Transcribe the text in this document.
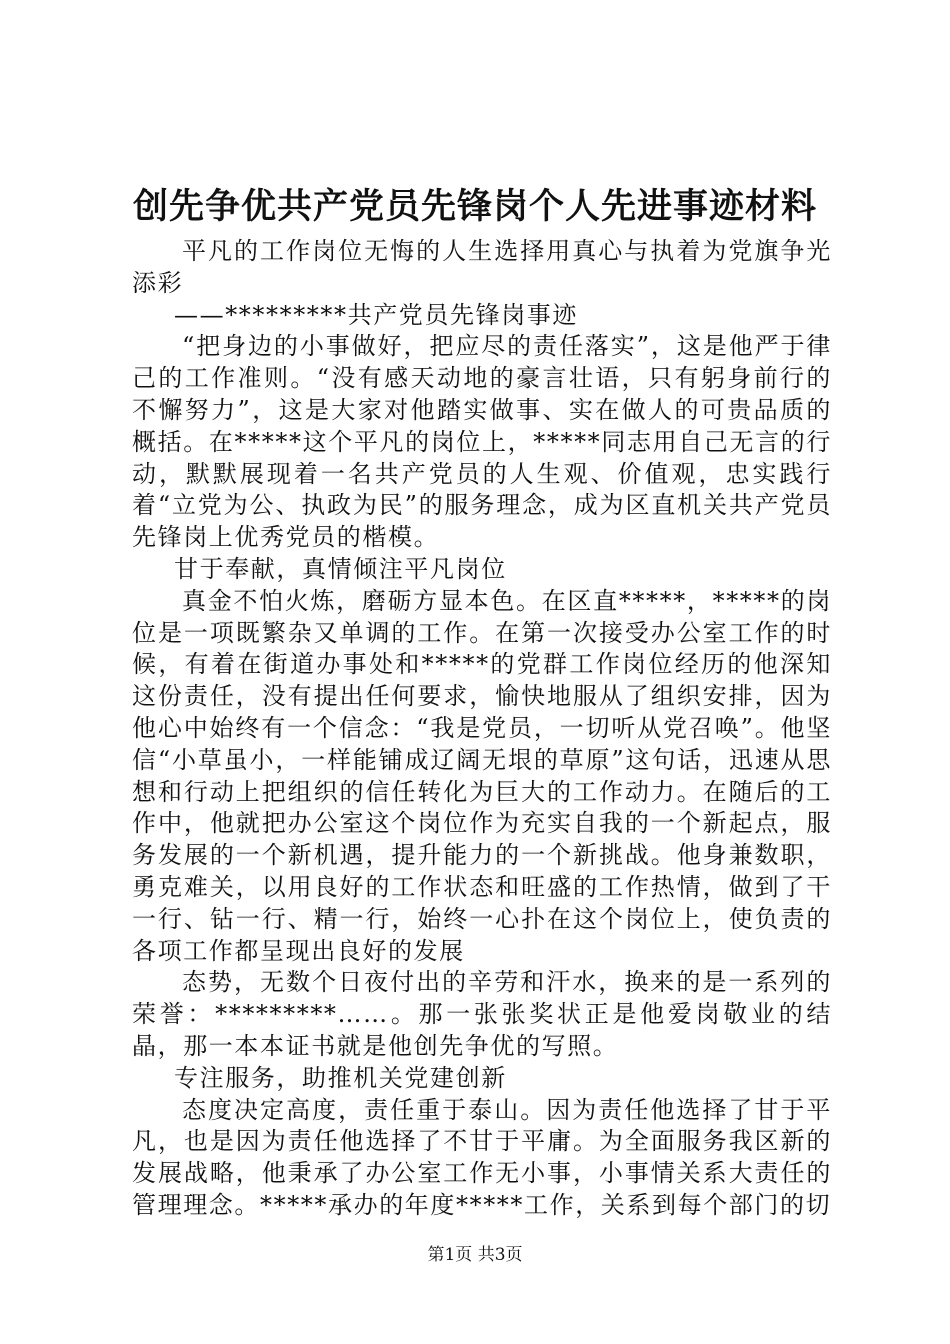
创先争优共产党员先锋岗个人先进事迹材料

平凡的工作岗位无悔的人生选择用真心与执着为党旗争光添彩

——*********共产党员先锋岗事迹

“把身边的小事做好，把应尽的责任落实”，这是他严于律己的工作准则。“没有感天动地的豪言壮语，只有躬身前行的不懈努力”，这是大家对他踏实做事、实在做人的可贵品质的概括。在*****这个平凡的岗位上，*****同志用自己无言的行动，默默展现着一名共产党员的人生观、价值观，忠实践行着“立党为公、执政为民”的服务理念，成为区直机关共产党员先锋岗上优秀党员的楷模。

甘于奉献，真情倾注平凡岗位

真金不怕火炼，磨砺方显本色。在区直*****，*****的岗位是一项既繁杂又单调的工作。在第一次接受办公室工作的时候，有着在街道办事处和*****的党群工作岗位经历的他深知这份责任，没有提出任何要求，愉快地服从了组织安排，因为他心中始终有一个信念：“我是党员，一切听从党召唤”。他坚信“小草虽小，一样能铺成辽阔无垠的草原”这句话，迅速从思想和行动上把组织的信任转化为巨大的工作动力。在随后的工作中，他就把办公室这个岗位作为充实自我的一个新起点，服务发展的一个新机遇，提升能力的一个新挑战。他身兼数职，勇克难关，以用良好的工作状态和旺盛的工作热情，做到了干一行、钻一行、精一行，始终一心扑在这个岗位上，使负责的各项工作都呈现出良好的发展

态势，无数个日夜付出的辛劳和汗水，换来的是一系列的荣誉：*********……。那一张张奖状正是他爱岗敬业的结晶，那一本本证书就是他创先争优的写照。

专注服务，助推机关党建创新

态度决定高度，责任重于泰山。因为责任他选择了甘于平凡，也是因为责任他选择了不甘于平庸。为全面服务我区新的发展战略，他秉承了办公室工作无小事，小事情关系大责任的管理理念。*****承办的年度*****工作，关系到每个部门的切

第1页 共3页
